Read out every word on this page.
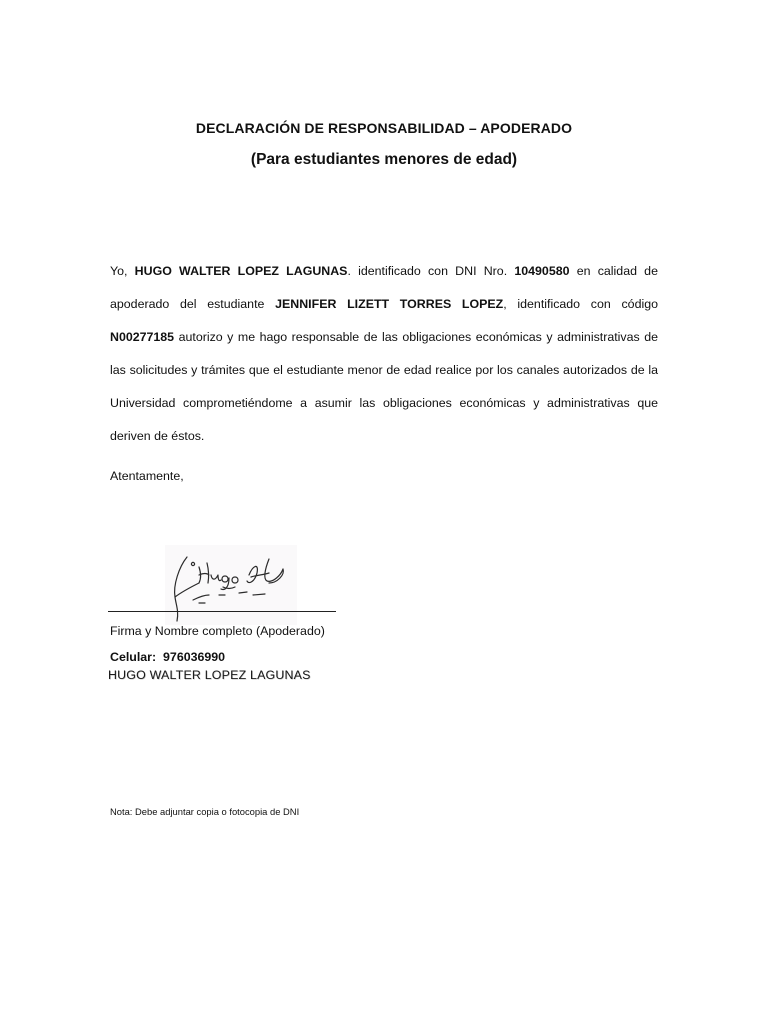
DECLARACIÓN DE RESPONSABILIDAD – APODERADO
(Para estudiantes menores de edad)
Yo, HUGO WALTER LOPEZ LAGUNAS. identificado con DNI Nro. 10490580 en calidad de apoderado del estudiante JENNIFER LIZETT TORRES LOPEZ, identificado con código N00277185 autorizo y me hago responsable de las obligaciones económicas y administrativas de las solicitudes y trámites que el estudiante menor de edad realice por los canales autorizados de la Universidad comprometiéndome a asumir las obligaciones económicas y administrativas que deriven de éstos.
Atentamente,
Firma y Nombre completo (Apoderado)
Celular: 976036990
HUGO WALTER LOPEZ LAGUNAS
Nota: Debe adjuntar copia o fotocopia de DNI
